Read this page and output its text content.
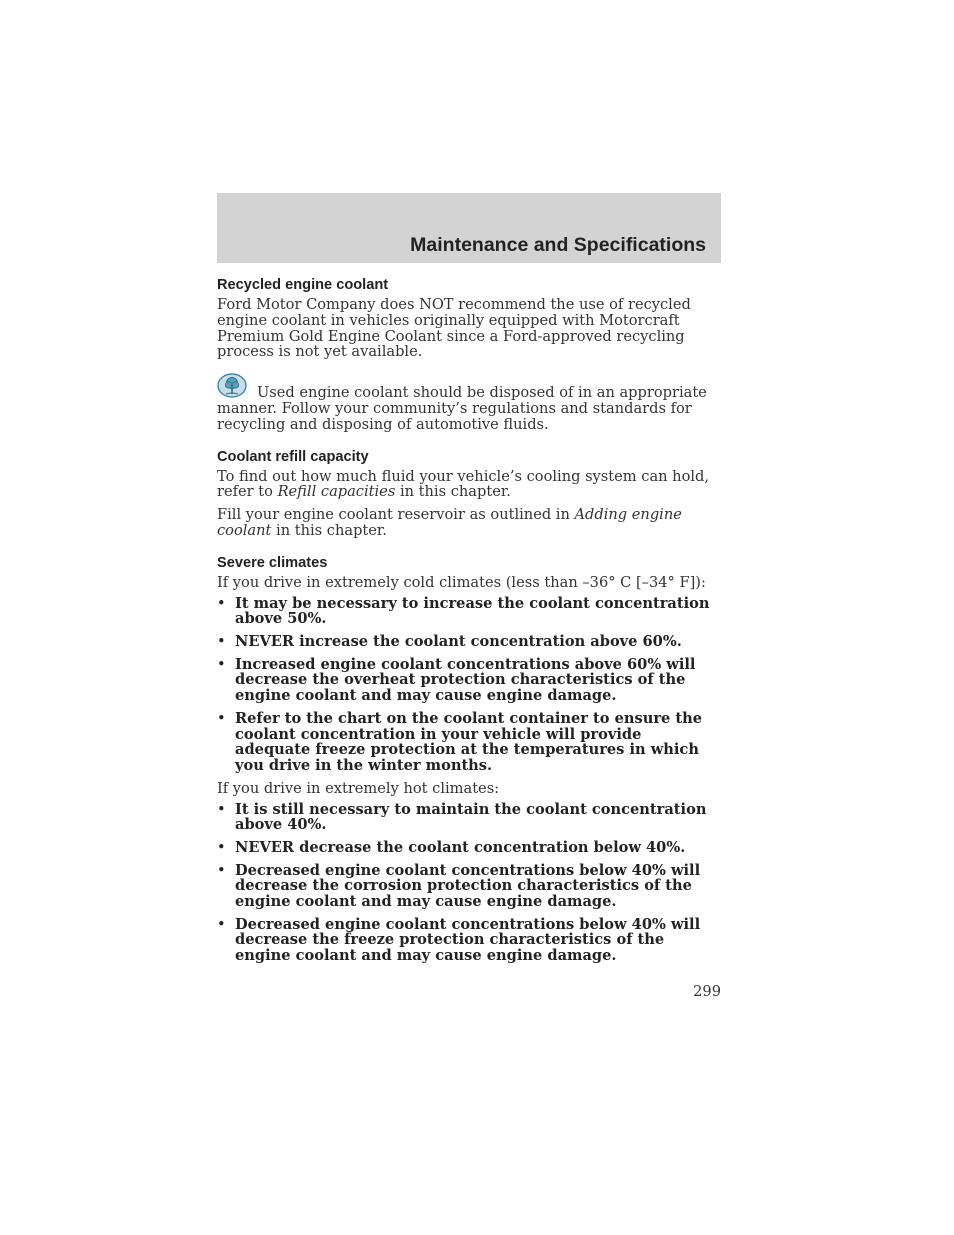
Maintenance and Specifications
Recycled engine coolant

Ford Motor Company does NOT recommend the use of recycled engine coolant in vehicles originally equipped with Motorcraft Premium Gold Engine Coolant since a Ford-approved recycling process is not yet available.

Used engine coolant should be disposed of in an appropriate manner. Follow your community’s regulations and standards for recycling and disposing of automotive fluids.

Coolant refill capacity

To find out how much fluid your vehicle’s cooling system can hold, refer to Refill capacities in this chapter.

Fill your engine coolant reservoir as outlined in Adding engine coolant in this chapter.

Severe climates

If you drive in extremely cold climates (less than –36° C [–34° F]):

• It may be necessary to increase the coolant concentration above 50%.
• NEVER increase the coolant concentration above 60%.
• Increased engine coolant concentrations above 60% will decrease the overheat protection characteristics of the engine coolant and may cause engine damage.
• Refer to the chart on the coolant container to ensure the coolant concentration in your vehicle will provide adequate freeze protection at the temperatures in which you drive in the winter months.

If you drive in extremely hot climates:

• It is still necessary to maintain the coolant concentration above 40%.
• NEVER decrease the coolant concentration below 40%.
• Decreased engine coolant concentrations below 40% will decrease the corrosion protection characteristics of the engine coolant and may cause engine damage.
• Decreased engine coolant concentrations below 40% will decrease the freeze protection characteristics of the engine coolant and may cause engine damage.
299
